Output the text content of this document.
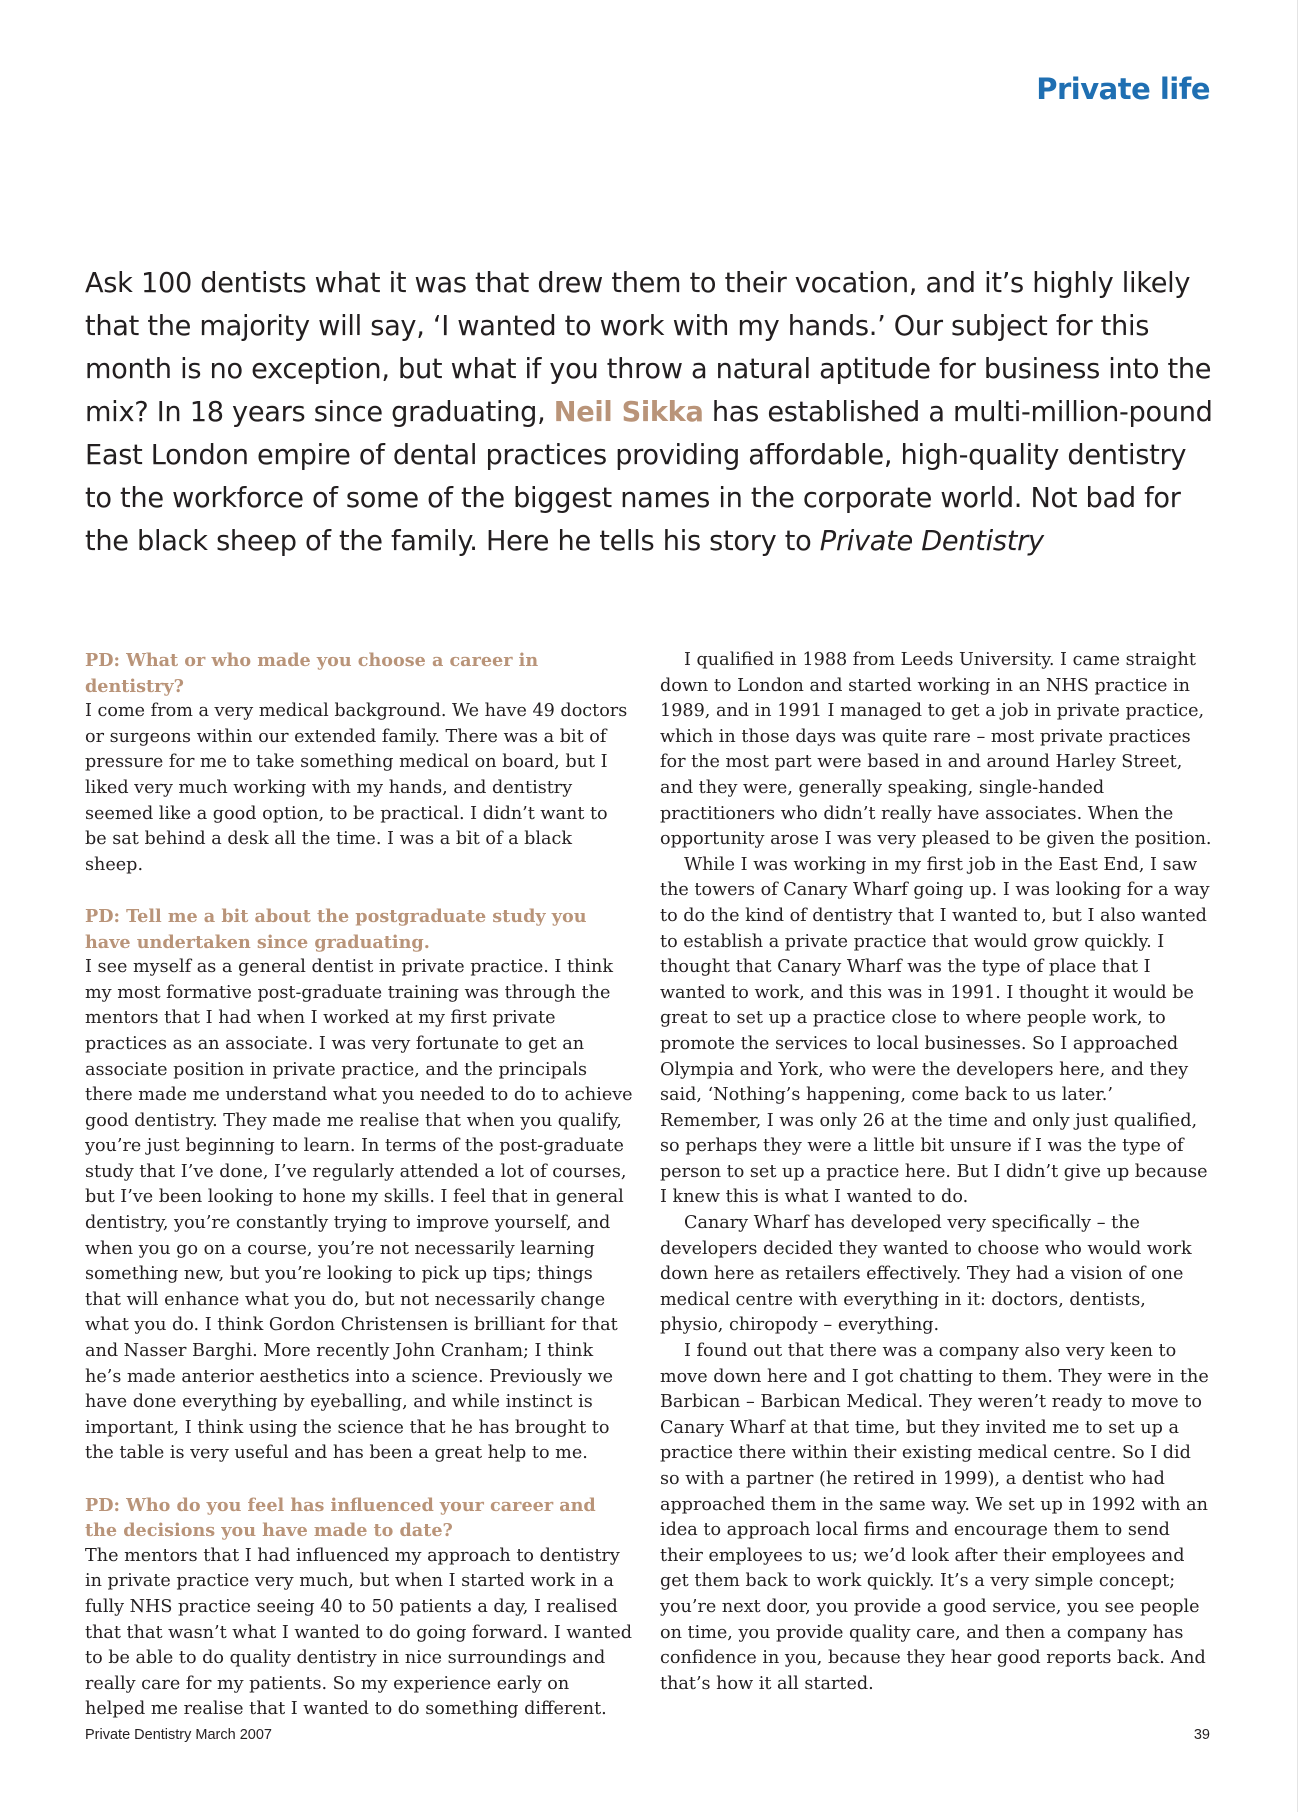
Private life

Ask 100 dentists what it was that drew them to their vocation, and it’s highly likely that the majority will say, ‘I wanted to work with my hands.’ Our subject for this month is no exception, but what if you throw a natural aptitude for business into the mix? In 18 years since graduating, Neil Sikka has established a multi-million-pound East London empire of dental practices providing affordable, high-quality dentistry to the workforce of some of the biggest names in the corporate world. Not bad for the black sheep of the family. Here he tells his story to Private Dentistry

PD: What or who made you choose a career in dentistry?

I come from a very medical background. We have 49 doctors or surgeons within our extended family. There was a bit of pressure for me to take something medical on board, but I liked very much working with my hands, and dentistry seemed like a good option, to be practical. I didn’t want to be sat behind a desk all the time. I was a bit of a black sheep.

PD: Tell me a bit about the postgraduate study you have undertaken since graduating.

I see myself as a general dentist in private practice. I think my most formative post-graduate training was through the mentors that I had when I worked at my first private practices as an associate. I was very fortunate to get an associate position in private practice, and the principals there made me understand what you needed to do to achieve good dentistry. They made me realise that when you qualify, you’re just beginning to learn. In terms of the post-graduate study that I’ve done, I’ve regularly attended a lot of courses, but I’ve been looking to hone my skills. I feel that in general dentistry, you’re constantly trying to improve yourself, and when you go on a course, you’re not necessarily learning something new, but you’re looking to pick up tips; things that will enhance what you do, but not necessarily change what you do. I think Gordon Christensen is brilliant for that and Nasser Barghi. More recently John Cranham; I think he’s made anterior aesthetics into a science. Previously we have done everything by eyeballing, and while instinct is important, I think using the science that he has brought to the table is very useful and has been a great help to me.

PD: Who do you feel has influenced your career and the decisions you have made to date?

The mentors that I had influenced my approach to dentistry in private practice very much, but when I started work in a fully NHS practice seeing 40 to 50 patients a day, I realised that that wasn’t what I wanted to do going forward. I wanted to be able to do quality dentistry in nice surroundings and really care for my patients. So my experience early on helped me realise that I wanted to do something different.

I qualified in 1988 from Leeds University. I came straight down to London and started working in an NHS practice in 1989, and in 1991 I managed to get a job in private practice, which in those days was quite rare – most private practices for the most part were based in and around Harley Street, and they were, generally speaking, single-handed practitioners who didn’t really have associates. When the opportunity arose I was very pleased to be given the position.

While I was working in my first job in the East End, I saw the towers of Canary Wharf going up. I was looking for a way to do the kind of dentistry that I wanted to, but I also wanted to establish a private practice that would grow quickly. I thought that Canary Wharf was the type of place that I wanted to work, and this was in 1991. I thought it would be great to set up a practice close to where people work, to promote the services to local businesses. So I approached Olympia and York, who were the developers here, and they said, ‘Nothing’s happening, come back to us later.’ Remember, I was only 26 at the time and only just qualified, so perhaps they were a little bit unsure if I was the type of person to set up a practice here. But I didn’t give up because I knew this is what I wanted to do.

Canary Wharf has developed very specifically – the developers decided they wanted to choose who would work down here as retailers effectively. They had a vision of one medical centre with everything in it: doctors, dentists, physio, chiropody – everything.

I found out that there was a company also very keen to move down here and I got chatting to them. They were in the Barbican – Barbican Medical. They weren’t ready to move to Canary Wharf at that time, but they invited me to set up a practice there within their existing medical centre. So I did so with a partner (he retired in 1999), a dentist who had approached them in the same way. We set up in 1992 with an idea to approach local firms and encourage them to send their employees to us; we’d look after their employees and get them back to work quickly. It’s a very simple concept; you’re next door, you provide a good service, you see people on time, you provide quality care, and then a company has confidence in you, because they hear good reports back. And that’s how it all started.

Private Dentistry March 2007	39
